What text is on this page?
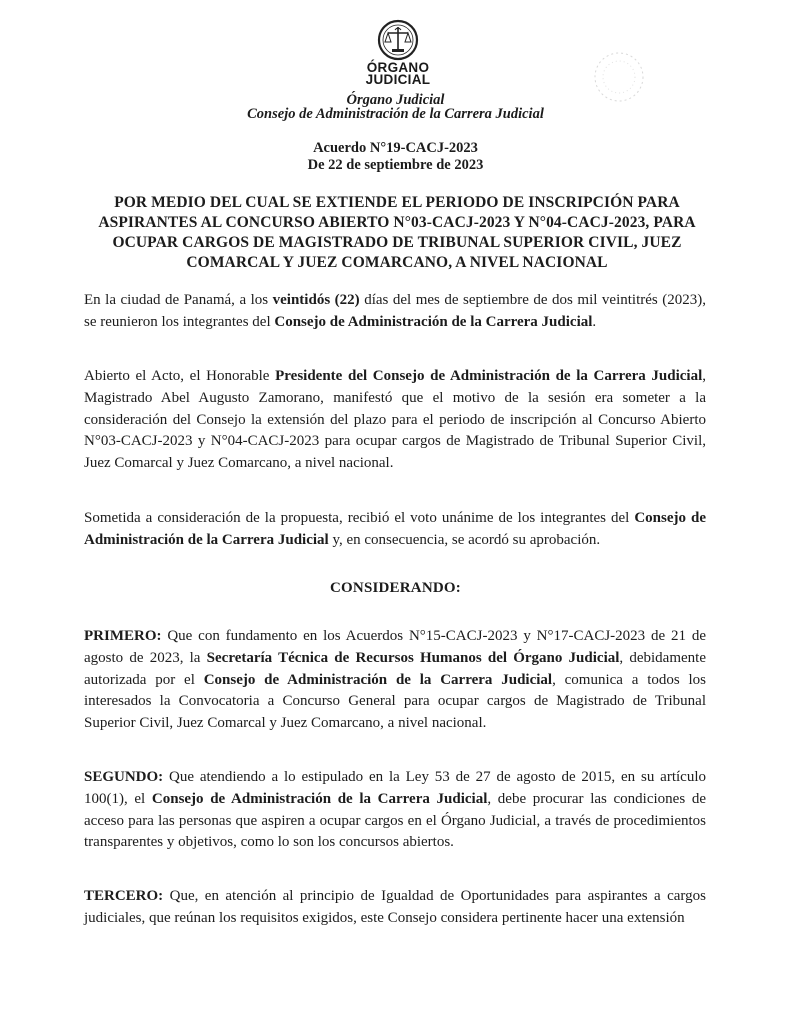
ÓRGANO
JUDICIAL
Órgano Judicial
Consejo de Administración de la Carrera Judicial
Acuerdo N°19-CACJ-2023
De 22 de septiembre de 2023
POR MEDIO DEL CUAL SE EXTIENDE EL PERIODO DE INSCRIPCIÓN PARA
ASPIRANTES AL CONCURSO ABIERTO N°03-CACJ-2023 Y N°04-CACJ-2023, PARA
OCUPAR CARGOS DE MAGISTRADO DE TRIBUNAL SUPERIOR CIVIL, JUEZ
COMARCAL Y JUEZ COMARCANO, A NIVEL NACIONAL
En la ciudad de Panamá, a los veintidós (22) días del mes de septiembre de dos mil veintitrés (2023), se reunieron los integrantes del Consejo de Administración de la Carrera Judicial.
Abierto el Acto, el Honorable Presidente del Consejo de Administración de la Carrera Judicial, Magistrado Abel Augusto Zamorano, manifestó que el motivo de la sesión era someter a la consideración del Consejo la extensión del plazo para el periodo de inscripción al Concurso Abierto N°03-CACJ-2023 y N°04-CACJ-2023 para ocupar cargos de Magistrado de Tribunal Superior Civil, Juez Comarcal y Juez Comarcano, a nivel nacional.
Sometida a consideración de la propuesta, recibió el voto unánime de los integrantes del Consejo de Administración de la Carrera Judicial y, en consecuencia, se acordó su aprobación.
CONSIDERANDO:
PRIMERO: Que con fundamento en los Acuerdos N°15-CACJ-2023 y N°17-CACJ-2023 de 21 de agosto de 2023, la Secretaría Técnica de Recursos Humanos del Órgano Judicial, debidamente autorizada por el Consejo de Administración de la Carrera Judicial, comunica a todos los interesados la Convocatoria a Concurso General para ocupar cargos de Magistrado de Tribunal Superior Civil, Juez Comarcal y Juez Comarcano, a nivel nacional.
SEGUNDO: Que atendiendo a lo estipulado en la Ley 53 de 27 de agosto de 2015, en su artículo 100(1), el Consejo de Administración de la Carrera Judicial, debe procurar las condiciones de acceso para las personas que aspiren a ocupar cargos en el Órgano Judicial, a través de procedimientos transparentes y objetivos, como lo son los concursos abiertos.
TERCERO: Que, en atención al principio de Igualdad de Oportunidades para aspirantes a cargos judiciales, que reúnan los requisitos exigidos, este Consejo considera pertinente hacer una extensión
